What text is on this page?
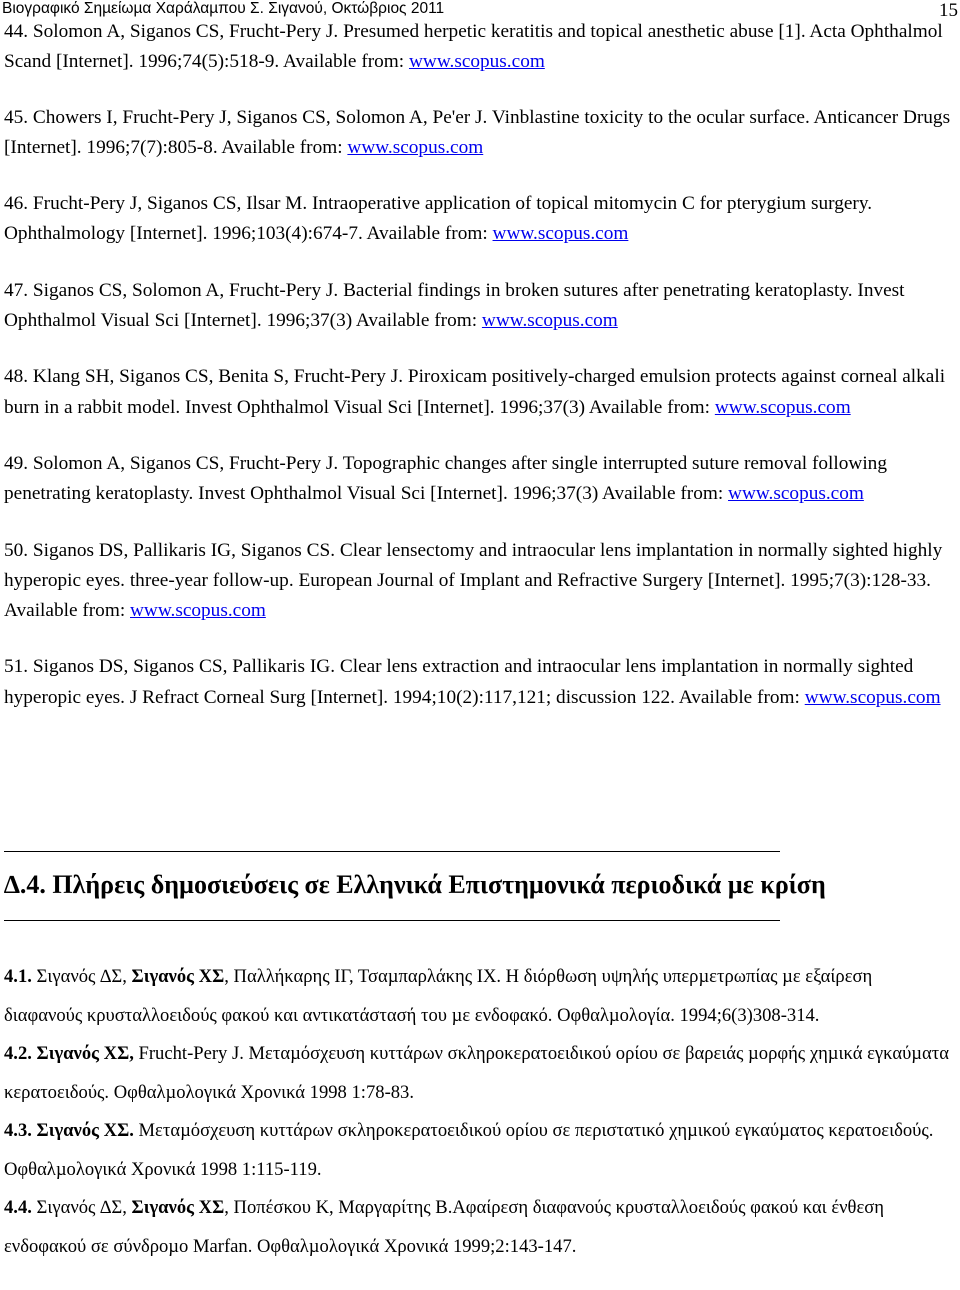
Βιογραφικό Σηµείωµα Χαράλαµπου Σ. Σιγανού, Οκτώβριος 2011	15
44. Solomon A, Siganos CS, Frucht-Pery J. Presumed herpetic keratitis and topical anesthetic abuse [1]. Acta Ophthalmol Scand [Internet]. 1996;74(5):518-9. Available from: www.scopus.com
45. Chowers I, Frucht-Pery J, Siganos CS, Solomon A, Pe'er J. Vinblastine toxicity to the ocular surface. Anticancer Drugs [Internet]. 1996;7(7):805-8. Available from: www.scopus.com
46. Frucht-Pery J, Siganos CS, Ilsar M. Intraoperative application of topical mitomycin C for pterygium surgery. Ophthalmology [Internet]. 1996;103(4):674-7. Available from: www.scopus.com
47. Siganos CS, Solomon A, Frucht-Pery J. Bacterial findings in broken sutures after penetrating keratoplasty. Invest Ophthalmol Visual Sci [Internet]. 1996;37(3) Available from: www.scopus.com
48. Klang SH, Siganos CS, Benita S, Frucht-Pery J. Piroxicam positively-charged emulsion protects against corneal alkali burn in a rabbit model. Invest Ophthalmol Visual Sci [Internet]. 1996;37(3) Available from: www.scopus.com
49. Solomon A, Siganos CS, Frucht-Pery J. Topographic changes after single interrupted suture removal following penetrating keratoplasty. Invest Ophthalmol Visual Sci [Internet]. 1996;37(3) Available from: www.scopus.com
50. Siganos DS, Pallikaris IG, Siganos CS. Clear lensectomy and intraocular lens implantation in normally sighted highly hyperopic eyes. three-year follow-up. European Journal of Implant and Refractive Surgery [Internet]. 1995;7(3):128-33. Available from: www.scopus.com
51. Siganos DS, Siganos CS, Pallikaris IG. Clear lens extraction and intraocular lens implantation in normally sighted hyperopic eyes. J Refract Corneal Surg [Internet]. 1994;10(2):117,121; discussion 122. Available from: www.scopus.com
∆.4. Πλήρεις δηµοσιεύσεις σε Ελληνικά Επιστηµονικά περιοδικά µε κρίση
4.1. Σιγανός ∆Σ, Σιγανός ΧΣ, Παλλήκαρης ΙΓ, Τσαµπαρλάκης ΙΧ. Η διόρθωση υψηλής υπερµετρωπίας µε εξαίρεση διαφανούς κρυσταλλοειδούς φακού και αντικατάστασή του µε ενδοφακό. Οφθαλµολογία. 1994;6(3)308-314.
4.2. Σιγανός ΧΣ, Frucht-Pery J. Μεταµόσχευση κυττάρων σκληροκερατοειδικού ορίου σε βαρειάς µορφής χηµικά εγκαύµατα κερατοειδούς. Οφθαλµολογικά Χρονικά 1998 1:78-83.
4.3. Σιγανός ΧΣ. Μεταµόσχευση κυττάρων σκληροκερατοειδικού ορίου σε περιστατικό χηµικού εγκαύµατος κερατοειδούς. Οφθαλµολογικά Χρονικά 1998 1:115-119.
4.4. Σιγανός ∆Σ, Σιγανός ΧΣ, Ποπέσκου Κ, Μαργαρίτης Β.Αφαίρεση διαφανούς κρυσταλλοειδούς φακού και ένθεση ενδοφακού σε σύνδροµο Marfan. Οφθαλµολογικά Χρονικά 1999;2:143-147.
